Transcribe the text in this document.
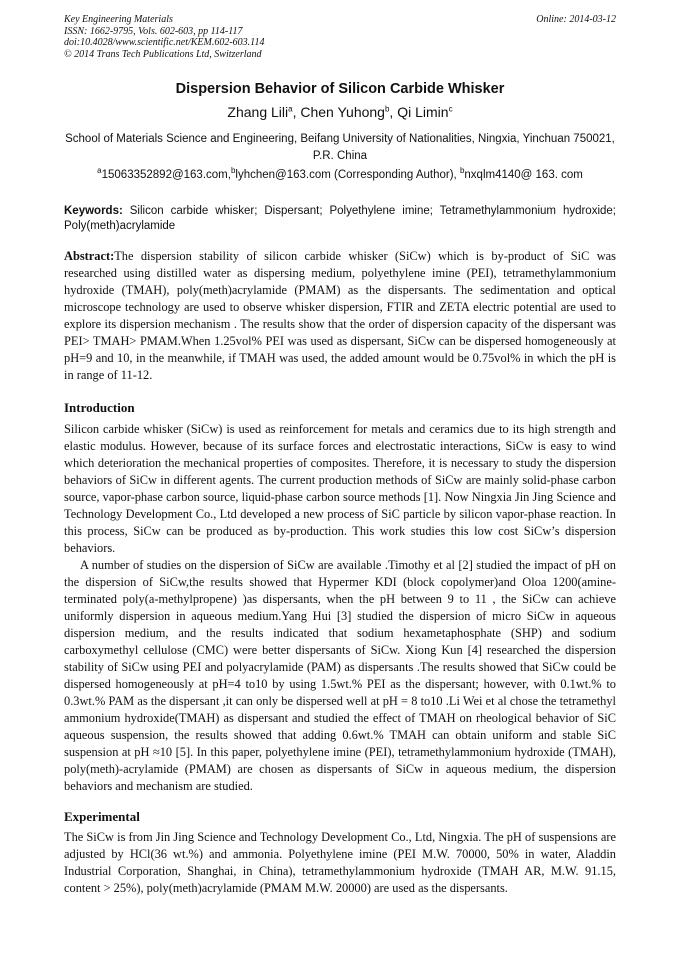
Key Engineering Materials
ISSN: 1662-9795, Vols. 602-603, pp 114-117
doi:10.4028/www.scientific.net/KEM.602-603.114
© 2014 Trans Tech Publications Ltd, Switzerland
Online: 2014-03-12
Dispersion Behavior of Silicon Carbide Whisker
Zhang Lili$^a$, Chen Yuhong$^b$, Qi Limin$^c$
School of Materials Science and Engineering, Beifang University of Nationalities, Ningxia, Yinchuan 750021, P.R. China
$^a$15063352892@163.com,$^b$lyhchen@163.com (Corresponding Author), $^b$nxqlm4140@ 163. com
Keywords: Silicon carbide whisker; Dispersant; Polyethylene imine; Tetramethylammonium hydroxide; Poly(meth)acrylamide

Abstract:The dispersion stability of silicon carbide whisker (SiCw) which is by-product of SiC was researched using distilled water as dispersing medium, polyethylene imine (PEI), tetramethylammonium hydroxide (TMAH), poly(meth)acrylamide (PMAM) as the dispersants. The sedimentation and optical microscope technology are used to observe whisker dispersion, FTIR and ZETA electric potential are used to explore its dispersion mechanism . The results show that the order of dispersion capacity of the dispersant was PEI> TMAH> PMAM.When 1.25vol% PEI was used as dispersant, SiCw can be dispersed homogeneously at pH=9 and 10, in the meanwhile, if TMAH was used, the added amount would be 0.75vol% in which the pH is in range of 11-12.

Introduction

Silicon carbide whisker (SiCw) is used as reinforcement for metals and ceramics due to its high strength and elastic modulus. However, because of its surface forces and electrostatic interactions, SiCw is easy to wind which deterioration the mechanical properties of composites. Therefore, it is necessary to study the dispersion behaviors of SiCw in different agents. The current production methods of SiCw are mainly solid-phase carbon source, vapor-phase carbon source, liquid-phase carbon source methods [1]. Now Ningxia Jin Jing Science and Technology Development Co., Ltd developed a new process of SiC particle by silicon vapor-phase reaction. In this process, SiCw can be produced as by-production. This work studies this low cost SiCw’s dispersion behaviors.

A number of studies on the dispersion of SiCw are available .Timothy et al [2] studied the impact of pH on the dispersion of SiCw,the results showed that Hypermer KDI (block copolymer)and Oloa 1200(amine-terminated poly(a-methylpropene) )as dispersants, when the pH between 9 to 11 , the SiCw can achieve uniformly dispersion in aqueous medium.Yang Hui [3] studied the dispersion of micro SiCw in aqueous dispersion medium, and the results indicated that sodium hexametaphosphate (SHP) and sodium carboxymethyl cellulose (CMC) were better dispersants of SiCw. Xiong Kun [4] researched the dispersion stability of SiCw using PEI and polyacrylamide (PAM) as dispersants .The results showed that SiCw could be dispersed homogeneously at pH=4 to10 by using 1.5wt.% PEI as the dispersant; however, with 0.1wt.% to 0.3wt.% PAM as the dispersant ,it can only be dispersed well at pH = 8 to10 .Li Wei et al chose the tetramethyl ammonium hydroxide(TMAH) as dispersant and studied the effect of TMAH on rheological behavior of SiC aqueous suspension, the results showed that adding 0.6wt.% TMAH can obtain uniform and stable SiC suspension at pH ≈10 [5]. In this paper, polyethylene imine (PEI), tetramethylammonium hydroxide (TMAH), poly(meth)-acrylamide (PMAM) are chosen as dispersants of SiCw in aqueous medium, the dispersion behaviors and mechanism are studied.

Experimental

The SiCw is from Jin Jing Science and Technology Development Co., Ltd, Ningxia. The pH of suspensions are adjusted by HCl(36 wt.%) and ammonia. Polyethylene imine (PEI M.W. 70000, 50% in water, Aladdin Industrial Corporation, Shanghai, in China), tetramethylammonium hydroxide (TMAH AR, M.W. 91.15, content > 25%), poly(meth)acrylamide (PMAM M.W. 20000) are used as the dispersants.
